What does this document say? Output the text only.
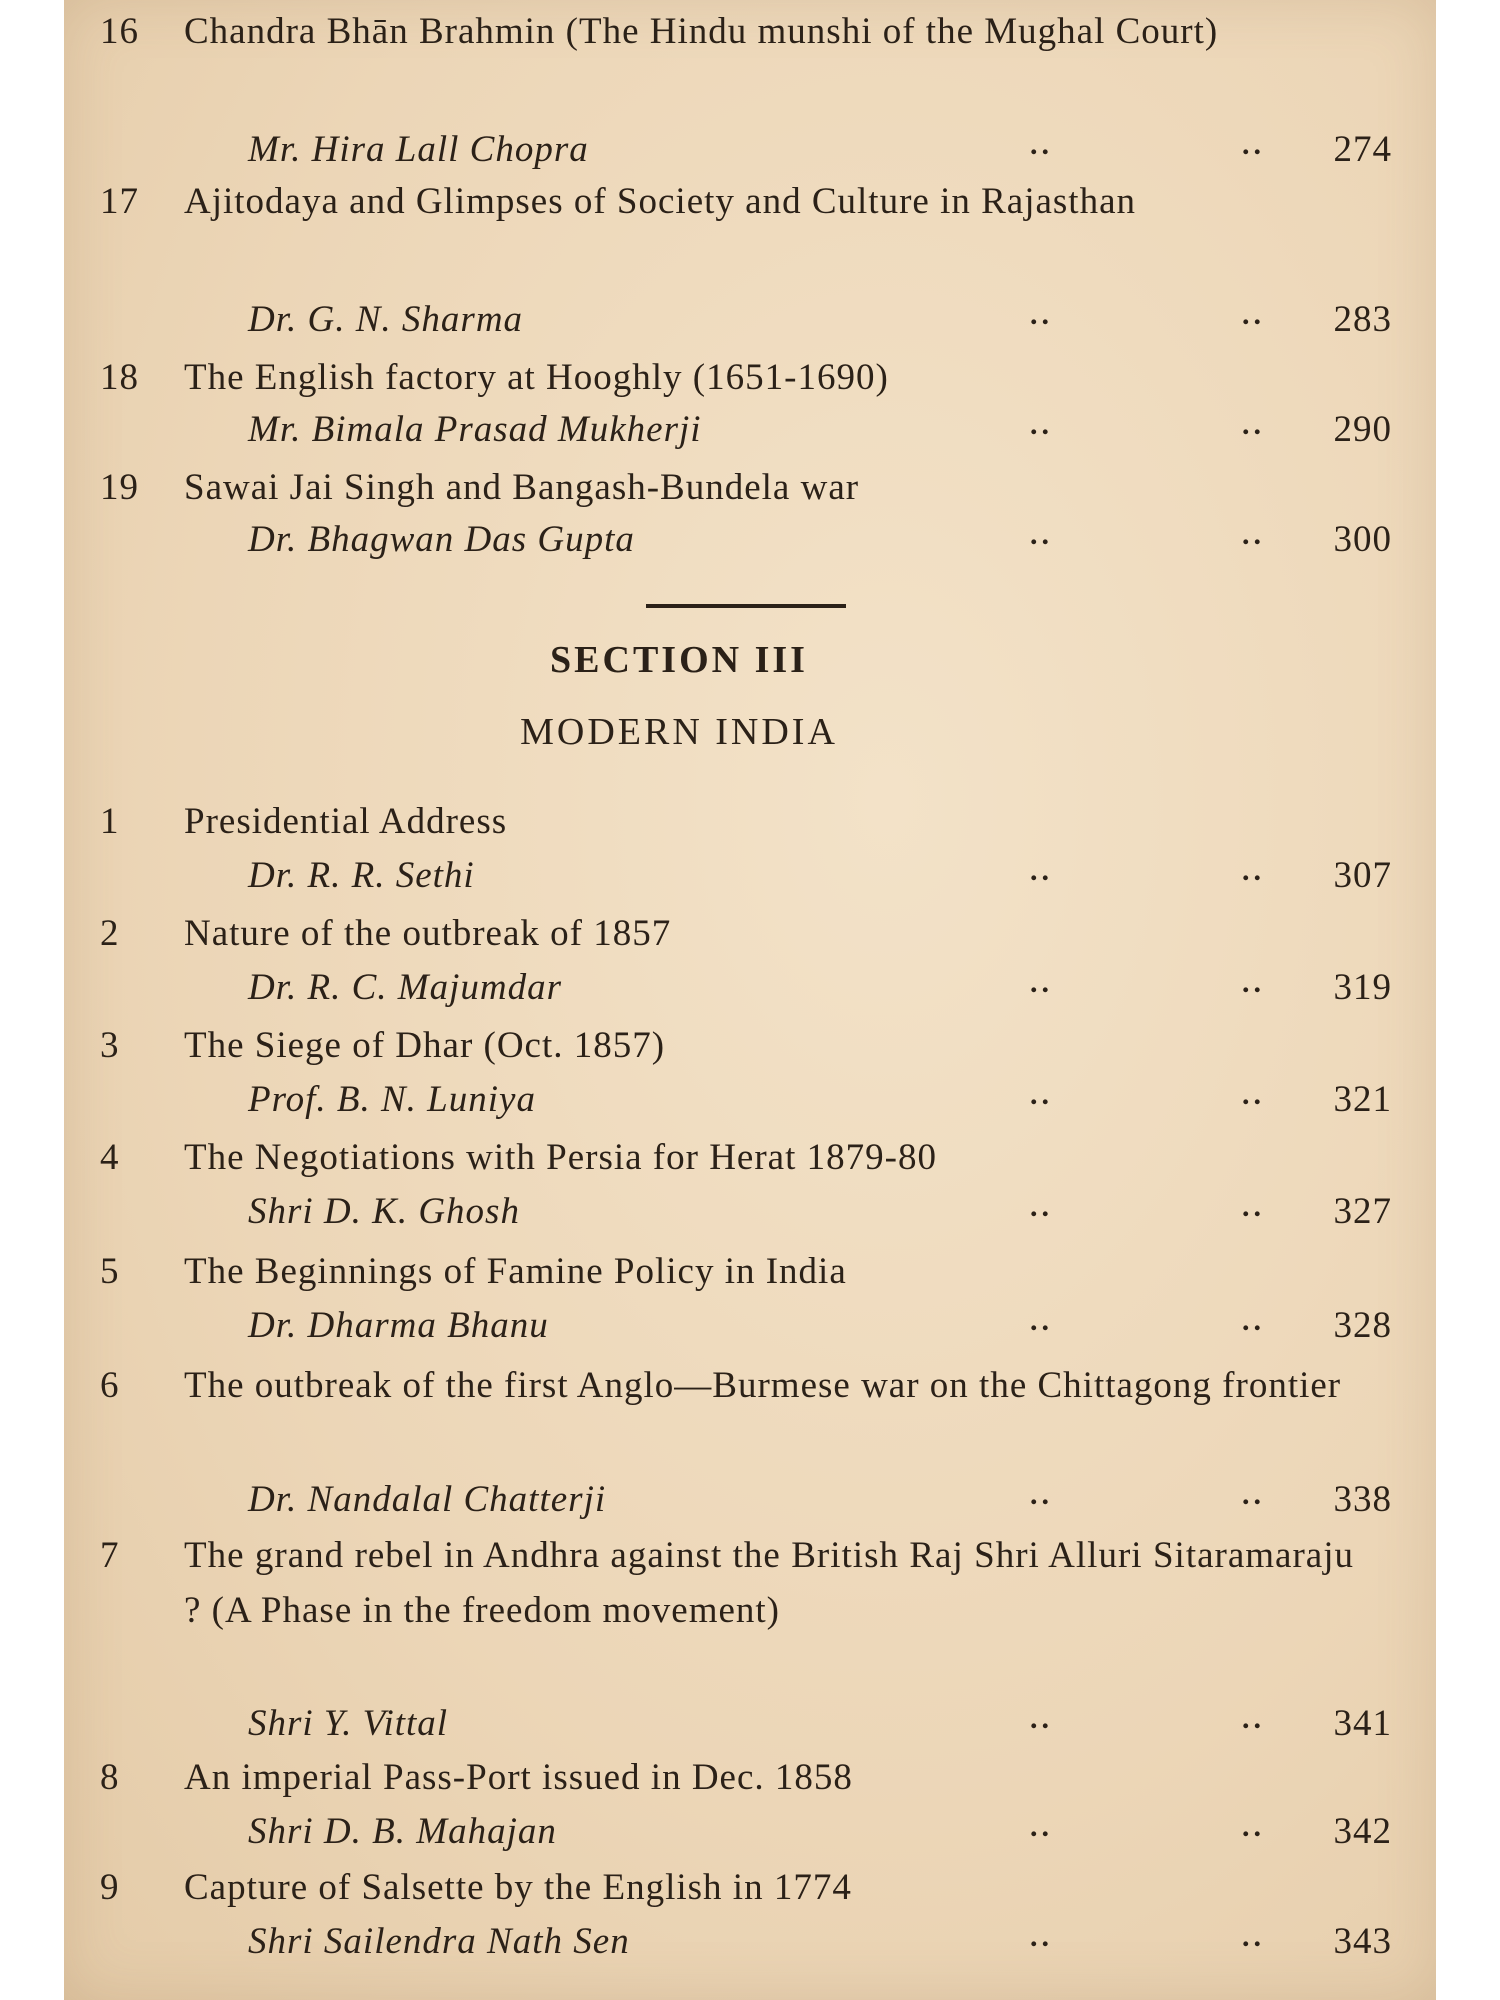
16	Chandra Bhān Brahmin (The Hindu munshi of the Mughal Court)
Mr. Hira Lall Chopra	..	.. 274
17	Ajitodaya and Glimpses of Society and Culture in Rajasthan
Dr. G. N. Sharma	..	.. 283
18	The English factory at Hooghly (1651-1690)
Mr. Bimala Prasad Mukherji	..	.. 290
19	Sawai Jai Singh and Bangash-Bundela war
Dr. Bhagwan Das Gupta	..	.. 300
SECTION III
MODERN INDIA
1	Presidential Address
Dr. R. R. Sethi	..	.. 307
2	Nature of the outbreak of 1857
Dr. R. C. Majumdar	..	.. 319
3	The Siege of Dhar (Oct. 1857)
Prof. B. N. Luniya	..	.. 321
4	The Negotiations with Persia for Herat 1879-80
Shri D. K. Ghosh	..	.. 327
5	The Beginnings of Famine Policy in India
Dr. Dharma Bhanu	..	.. 328
6	The outbreak of the first Anglo—Burmese war on the Chittagong frontier
Dr. Nandalal Chatterji	..	.. 338
7	The grand rebel in Andhra against the British Raj Shri Alluri Sitaramaraju ? (A Phase in the freedom movement)
Shri Y. Vittal	..	.. 341
8	An imperial Pass-Port issued in Dec. 1858
Shri D. B. Mahajan	..	.. 342
9	Capture of Salsette by the English in 1774
Shri Sailendra Nath Sen	..	.. 343
